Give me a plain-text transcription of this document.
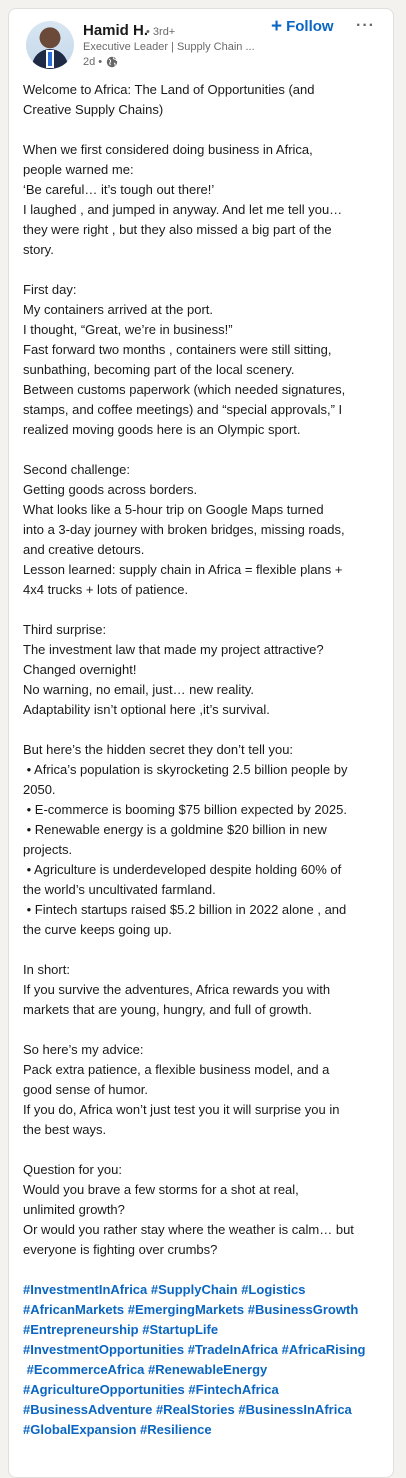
Hamid H.
• 3rd+
Executive Leader | Supply Chain ...
2d •
+ Follow ···
Welcome to Africa: The Land of Opportunities (and
Creative Supply Chains)
When we first considered doing business in Africa,
people warned me:
‘Be careful… it’s tough out there!’
I laughed , and jumped in anyway. And let me tell you…
they were right , but they also missed a big part of the
story.
First day:
My containers arrived at the port.
I thought, “Great, we’re in business!”
Fast forward two months , containers were still sitting,
sunbathing, becoming part of the local scenery.
Between customs paperwork (which needed signatures,
stamps, and coffee meetings) and “special approvals,” I
realized moving goods here is an Olympic sport.
Second challenge:
Getting goods across borders.
What looks like a 5-hour trip on Google Maps turned
into a 3-day journey with broken bridges, missing roads,
and creative detours.
Lesson learned: supply chain in Africa = flexible plans +
4x4 trucks + lots of patience.
Third surprise:
The investment law that made my project attractive?
Changed overnight!
No warning, no email, just… new reality.
Adaptability isn’t optional here ,it’s survival.
But here’s the hidden secret they don’t tell you:
• Africa’s population is skyrocketing 2.5 billion people by
2050.
• E-commerce is booming $75 billion expected by 2025.
• Renewable energy is a goldmine $20 billion in new
projects.
• Agriculture is underdeveloped despite holding 60% of
the world’s uncultivated farmland.
• Fintech startups raised $5.2 billion in 2022 alone , and
the curve keeps going up.
In short:
If you survive the adventures, Africa rewards you with
markets that are young, hungry, and full of growth.
So here’s my advice:
Pack extra patience, a flexible business model, and a
good sense of humor.
If you do, Africa won’t just test you it will surprise you in
the best ways.
Question for you:
Would you brave a few storms for a shot at real,
unlimited growth?
Or would you rather stay where the weather is calm… but
everyone is fighting over crumbs?
#InvestmentInAfrica #SupplyChain #Logistics
#AfricanMarkets #EmergingMarkets #BusinessGrowth
#Entrepreneurship #StartupLife
#InvestmentOpportunities #TradeInAfrica #AfricaRising
#EcommerceAfrica #RenewableEnergy
#AgricultureOpportunities #FintechAfrica
#BusinessAdventure #RealStories #BusinessInAfrica
#GlobalExpansion #Resilience
